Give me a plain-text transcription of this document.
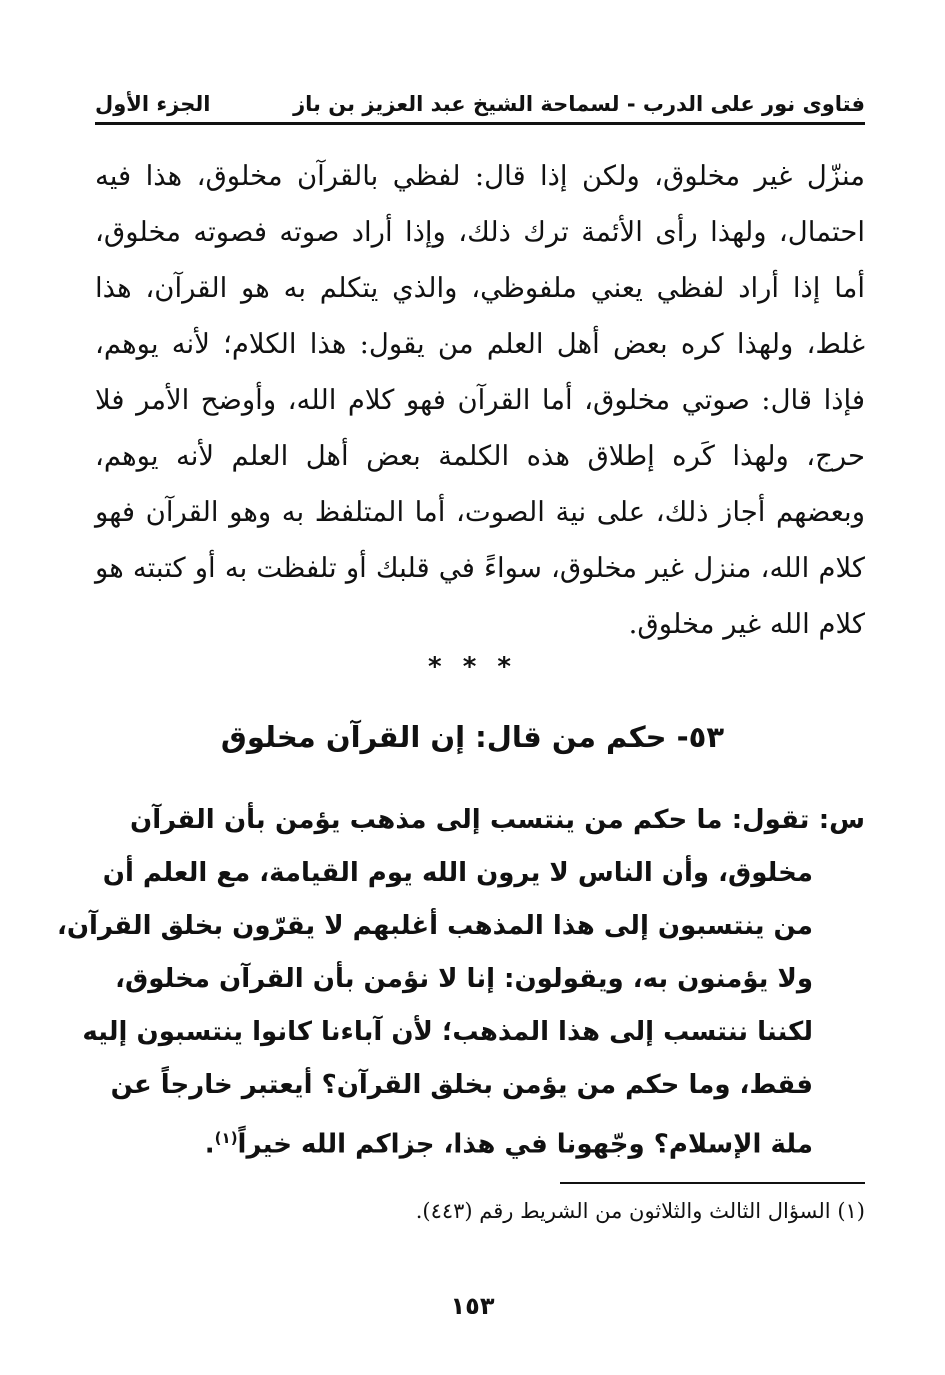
فتاوى نور على الدرب - لسماحة الشيخ عبد العزيز بن باز
الجزء الأول
منزّل غير مخلوق، ولكن إذا قال: لفظي بالقرآن مخلوق، هذا فيه
احتمال، ولهذا رأى الأئمة ترك ذلك، وإذا أراد صوته فصوته مخلوق،
أما إذا أراد لفظي يعني ملفوظي، والذي يتكلم به هو القرآن، هذا
غلط، ولهذا كره بعض أهل العلم من يقول: هذا الكلام؛ لأنه يوهم،
فإذا قال: صوتي مخلوق، أما القرآن فهو كلام الله، وأوضح الأمر فلا
حرج، ولهذا كَره إطلاق هذه الكلمة بعض أهل العلم لأنه يوهم،
وبعضهم أجاز ذلك، على نية الصوت، أما المتلفظ به وهو القرآن فهو
كلام الله، منزل غير مخلوق، سواءً في قلبك أو تلفظت به أو كتبته هو
كلام الله غير مخلوق.
* * *
٥٣- حكم من قال: إن القرآن مخلوق
س: تقول: ما حكم من ينتسب إلى مذهب يؤمن بأن القرآن
مخلوق، وأن الناس لا يرون الله يوم القيامة، مع العلم أن
من ينتسبون إلى هذا المذهب أغلبهم لا يقرّون بخلق القرآن،
ولا يؤمنون به، ويقولون: إنا لا نؤمن بأن القرآن مخلوق،
لكننا ننتسب إلى هذا المذهب؛ لأن آباءنا كانوا ينتسبون إليه
فقط، وما حكم من يؤمن بخلق القرآن؟ أيعتبر خارجاً عن
ملة الإسلام؟ وجّهونا في هذا، جزاكم الله خيراً$^{(١)}$.
(١) السؤال الثالث والثلاثون من الشريط رقم (٤٤٣).
١٥٣
